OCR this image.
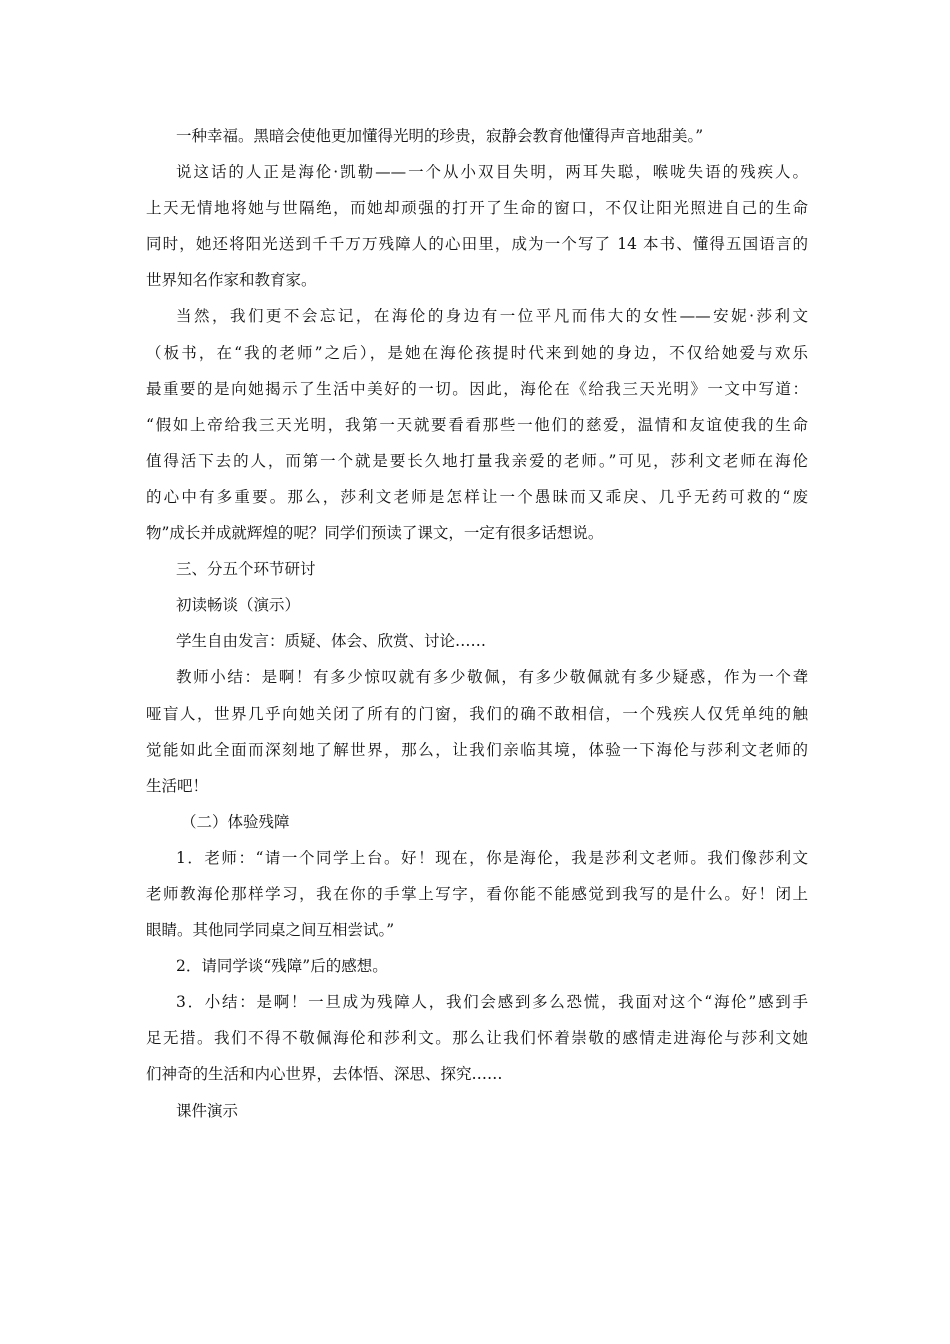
一种幸福。黑暗会使他更加懂得光明的珍贵，寂静会教育他懂得声音地甜美。”
说这话的人正是海伦·凯勒——一个从小双目失明，两耳失聪，喉咙失语的残疾人。
上天无情地将她与世隔绝，而她却顽强的打开了生命的窗口，不仅让阳光照进自己的生命
同时，她还将阳光送到千千万万残障人的心田里，成为一个写了 14 本书、懂得五国语言的
世界知名作家和教育家。
当然，我们更不会忘记，在海伦的身边有一位平凡而伟大的女性——安妮·莎利文
（板书，在“我的老师”之后），是她在海伦孩提时代来到她的身边，不仅给她爱与欢乐
最重要的是向她揭示了生活中美好的一切。因此，海伦在《给我三天光明》一文中写道：
“假如上帝给我三天光明，我第一天就要看看那些一他们的慈爱，温情和友谊使我的生命
值得活下去的人，而第一个就是要长久地打量我亲爱的老师。”可见，莎利文老师在海伦
的心中有多重要。那么，莎利文老师是怎样让一个愚昧而又乖戾、几乎无药可救的“废
物”成长并成就辉煌的呢？同学们预读了课文，一定有很多话想说。
三、分五个环节研讨
初读畅谈（演示）
学生自由发言：质疑、体会、欣赏、讨论……
教师小结：是啊！有多少惊叹就有多少敬佩，有多少敬佩就有多少疑惑，作为一个聋
哑盲人，世界几乎向她关闭了所有的门窗，我们的确不敢相信，一个残疾人仅凭单纯的触
觉能如此全面而深刻地了解世界，那么，让我们亲临其境，体验一下海伦与莎利文老师的
生活吧！
（二）体验残障
1．老师：“请一个同学上台。好！现在，你是海伦，我是莎利文老师。我们像莎利文
老师教海伦那样学习，我在你的手掌上写字，看你能不能感觉到我写的是什么。好！闭上
眼睛。其他同学同桌之间互相尝试。”
2．请同学谈“残障”后的感想。
3．小结：是啊！一旦成为残障人，我们会感到多么恐慌，我面对这个“海伦”感到手
足无措。我们不得不敬佩海伦和莎利文。那么让我们怀着崇敬的感情走进海伦与莎利文她
们神奇的生活和内心世界，去体悟、深思、探究……
课件演示
